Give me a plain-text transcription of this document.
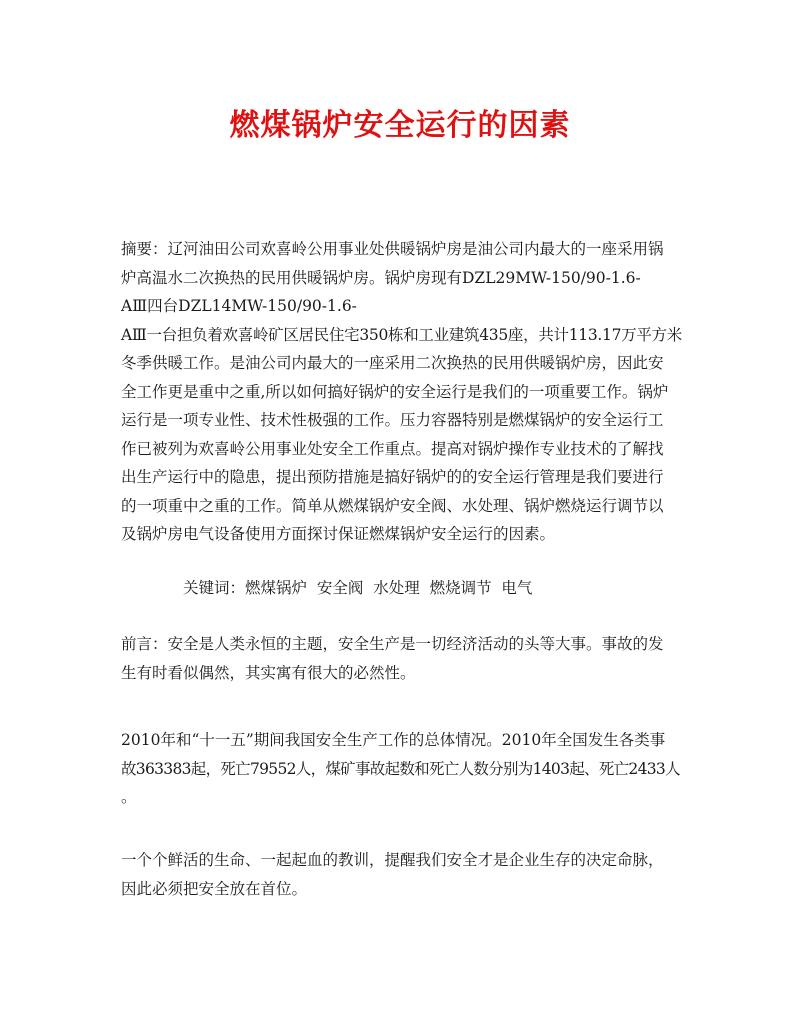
燃煤锅炉安全运行的因素
摘要：辽河油田公司欢喜岭公用事业处供暖锅炉房是油公司内最大的一座采用锅
炉高温水二次换热的民用供暖锅炉房。锅炉房现有DZL29MW-150/90-1.6-
AⅢ四台DZL14MW-150/90-1.6-
AⅢ一台担负着欢喜岭矿区居民住宅350栋和工业建筑435座，共计113.17万平方米
冬季供暖工作。是油公司内最大的一座采用二次换热的民用供暖锅炉房，因此安
全工作更是重中之重,所以如何搞好锅炉的安全运行是我们的一项重要工作。锅炉
运行是一项专业性、技术性极强的工作。压力容器特别是燃煤锅炉的安全运行工
作已被列为欢喜岭公用事业处安全工作重点。提高对锅炉操作专业技术的了解找
出生产运行中的隐患，提出预防措施是搞好锅炉的的安全运行管理是我们要进行
的一项重中之重的工作。简单从燃煤锅炉安全阀、水处理、锅炉燃烧运行调节以
及锅炉房电气设备使用方面探讨保证燃煤锅炉安全运行的因素。
关键词：燃煤锅炉  安全阀  水处理  燃烧调节  电气
前言：安全是人类永恒的主题，安全生产是一切经济活动的头等大事。事故的发
生有时看似偶然，其实寓有很大的必然性。
2010年和“十一五”期间我国安全生产工作的总体情况。2010年全国发生各类事
故363383起，死亡79552人，煤矿事故起数和死亡人数分别为1403起、死亡2433人
。
一个个鲜活的生命、一起起血的教训，提醒我们安全才是企业生存的决定命脉，
因此必须把安全放在首位。
